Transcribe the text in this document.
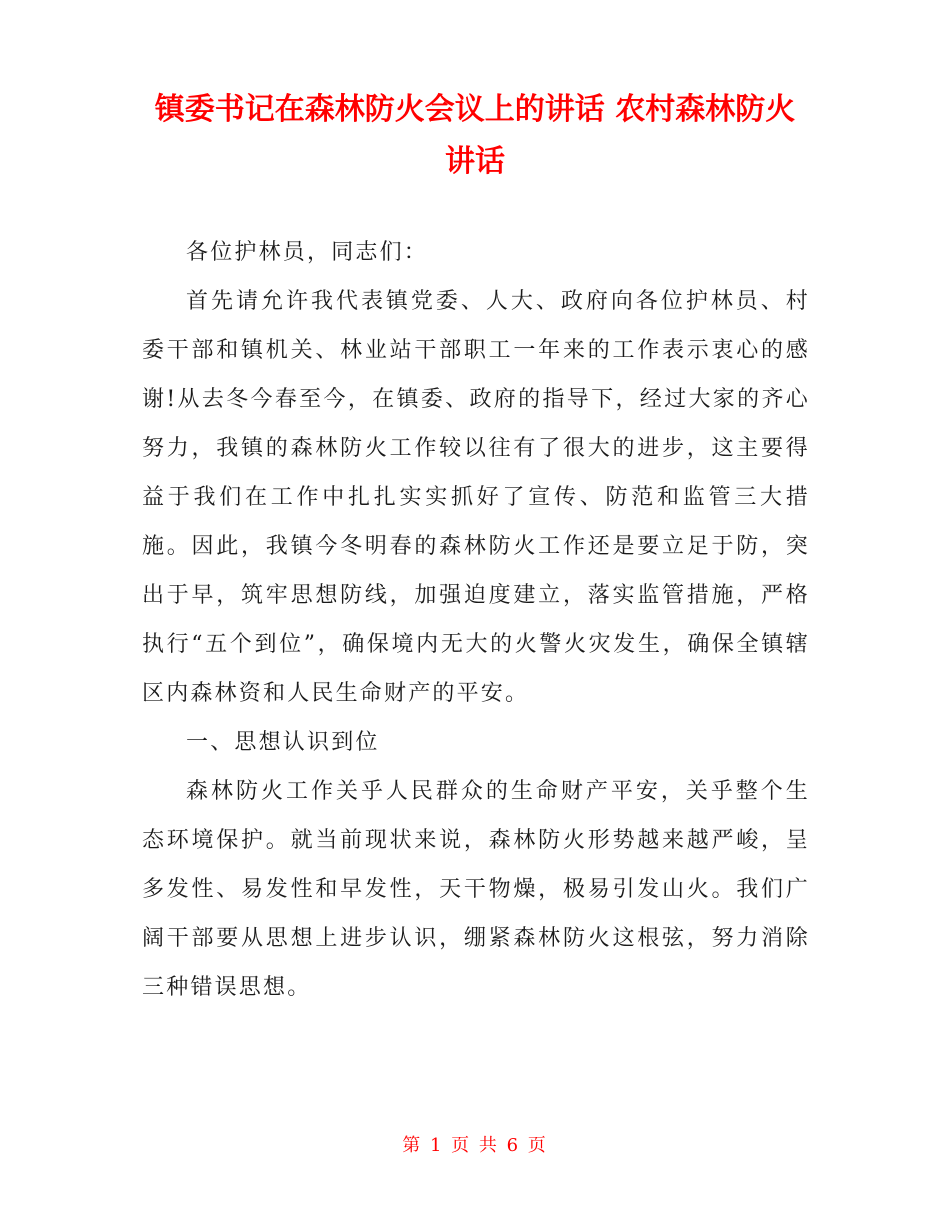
镇委书记在森林防火会议上的讲话 农村森林防火讲话

各位护林员，同志们：

首先请允许我代表镇党委、人大、政府向各位护林员、村委干部和镇机关、林业站干部职工一年来的工作表示衷心的感谢!从去冬今春至今，在镇委、政府的指导下，经过大家的齐心努力，我镇的森林防火工作较以往有了很大的进步，这主要得益于我们在工作中扎扎实实抓好了宣传、防范和监管三大措施。因此，我镇今冬明春的森林防火工作还是要立足于防，突出于早，筑牢思想防线，加强迫度建立，落实监管措施，严格执行“五个到位”，确保境内无大的火警火灾发生，确保全镇辖区内森林资和人民生命财产的平安。

一、思想认识到位

森林防火工作关乎人民群众的生命财产平安，关乎整个生态环境保护。就当前现状来说，森林防火形势越来越严峻，呈多发性、易发性和早发性，天干物燥，极易引发山火。我们广阔干部要从思想上进步认识，绷紧森林防火这根弦，努力消除三种错误思想。

第 1 页 共 6 页
